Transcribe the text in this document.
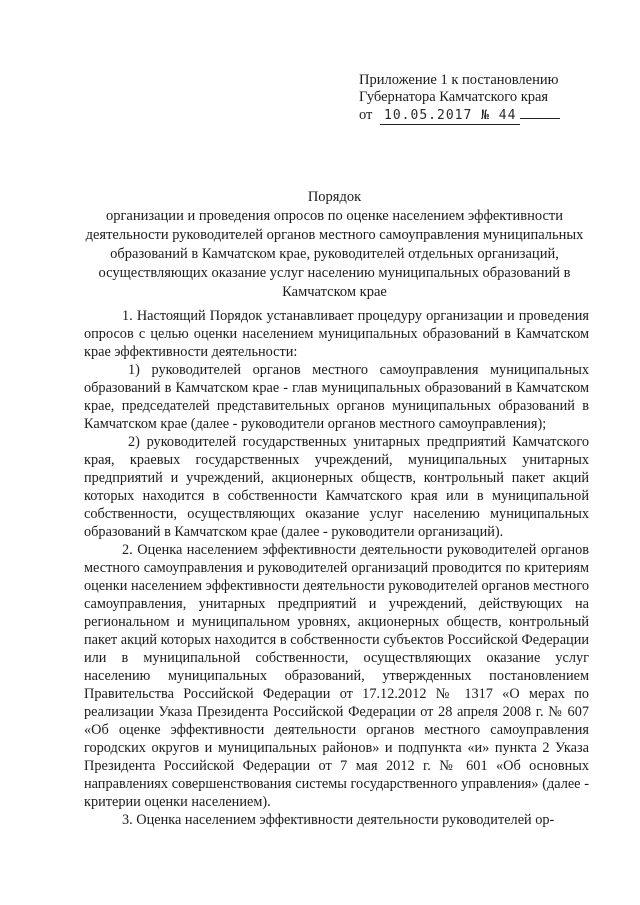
Приложение 1 к постановлению
Губернатора Камчатского края
от 10.05.2017 № 44
Порядок
организации и проведения опросов по оценке населением эффективности деятельности руководителей органов местного самоуправления муниципальных образований в Камчатском крае, руководителей отдельных организаций, осуществляющих оказание услуг населению муниципальных образований в Камчатском крае

1. Настоящий Порядок устанавливает процедуру организации и проведения опросов с целью оценки населением муниципальных образований в Камчатском крае эффективности деятельности:

1) руководителей органов местного самоуправления муниципальных образований в Камчатском крае - глав муниципальных образований в Камчатском крае, председателей представительных органов муниципальных образований в Камчатском крае (далее - руководители органов местного самоуправления);

2) руководителей государственных унитарных предприятий Камчатского края, краевых государственных учреждений, муниципальных унитарных предприятий и учреждений, акционерных обществ, контрольный пакет акций которых находится в собственности Камчатского края или в муниципальной собственности, осуществляющих оказание услуг населению муниципальных образований в Камчатском крае (далее - руководители организаций).

2. Оценка населением эффективности деятельности руководителей органов местного самоуправления и руководителей организаций проводится по критериям оценки населением эффективности деятельности руководителей органов местного самоуправления, унитарных предприятий и учреждений, действующих на региональном и муниципальном уровнях, акционерных обществ, контрольный пакет акций которых находится в собственности субъектов Российской Федерации или в муниципальной собственности, осуществляющих оказание услуг населению муниципальных образований, утвержденных постановлением Правительства Российской Федерации от 17.12.2012 № 1317 «О мерах по реализации Указа Президента Российской Федерации от 28 апреля 2008 г. № 607 «Об оценке эффективности деятельности органов местного самоуправления городских округов и муниципальных районов» и подпункта «и» пункта 2 Указа Президента Российской Федерации от 7 мая 2012 г. № 601 «Об основных направлениях совершенствования системы государственного управления» (далее - критерии оценки населением).

3. Оценка населением эффективности деятельности руководителей ор-
